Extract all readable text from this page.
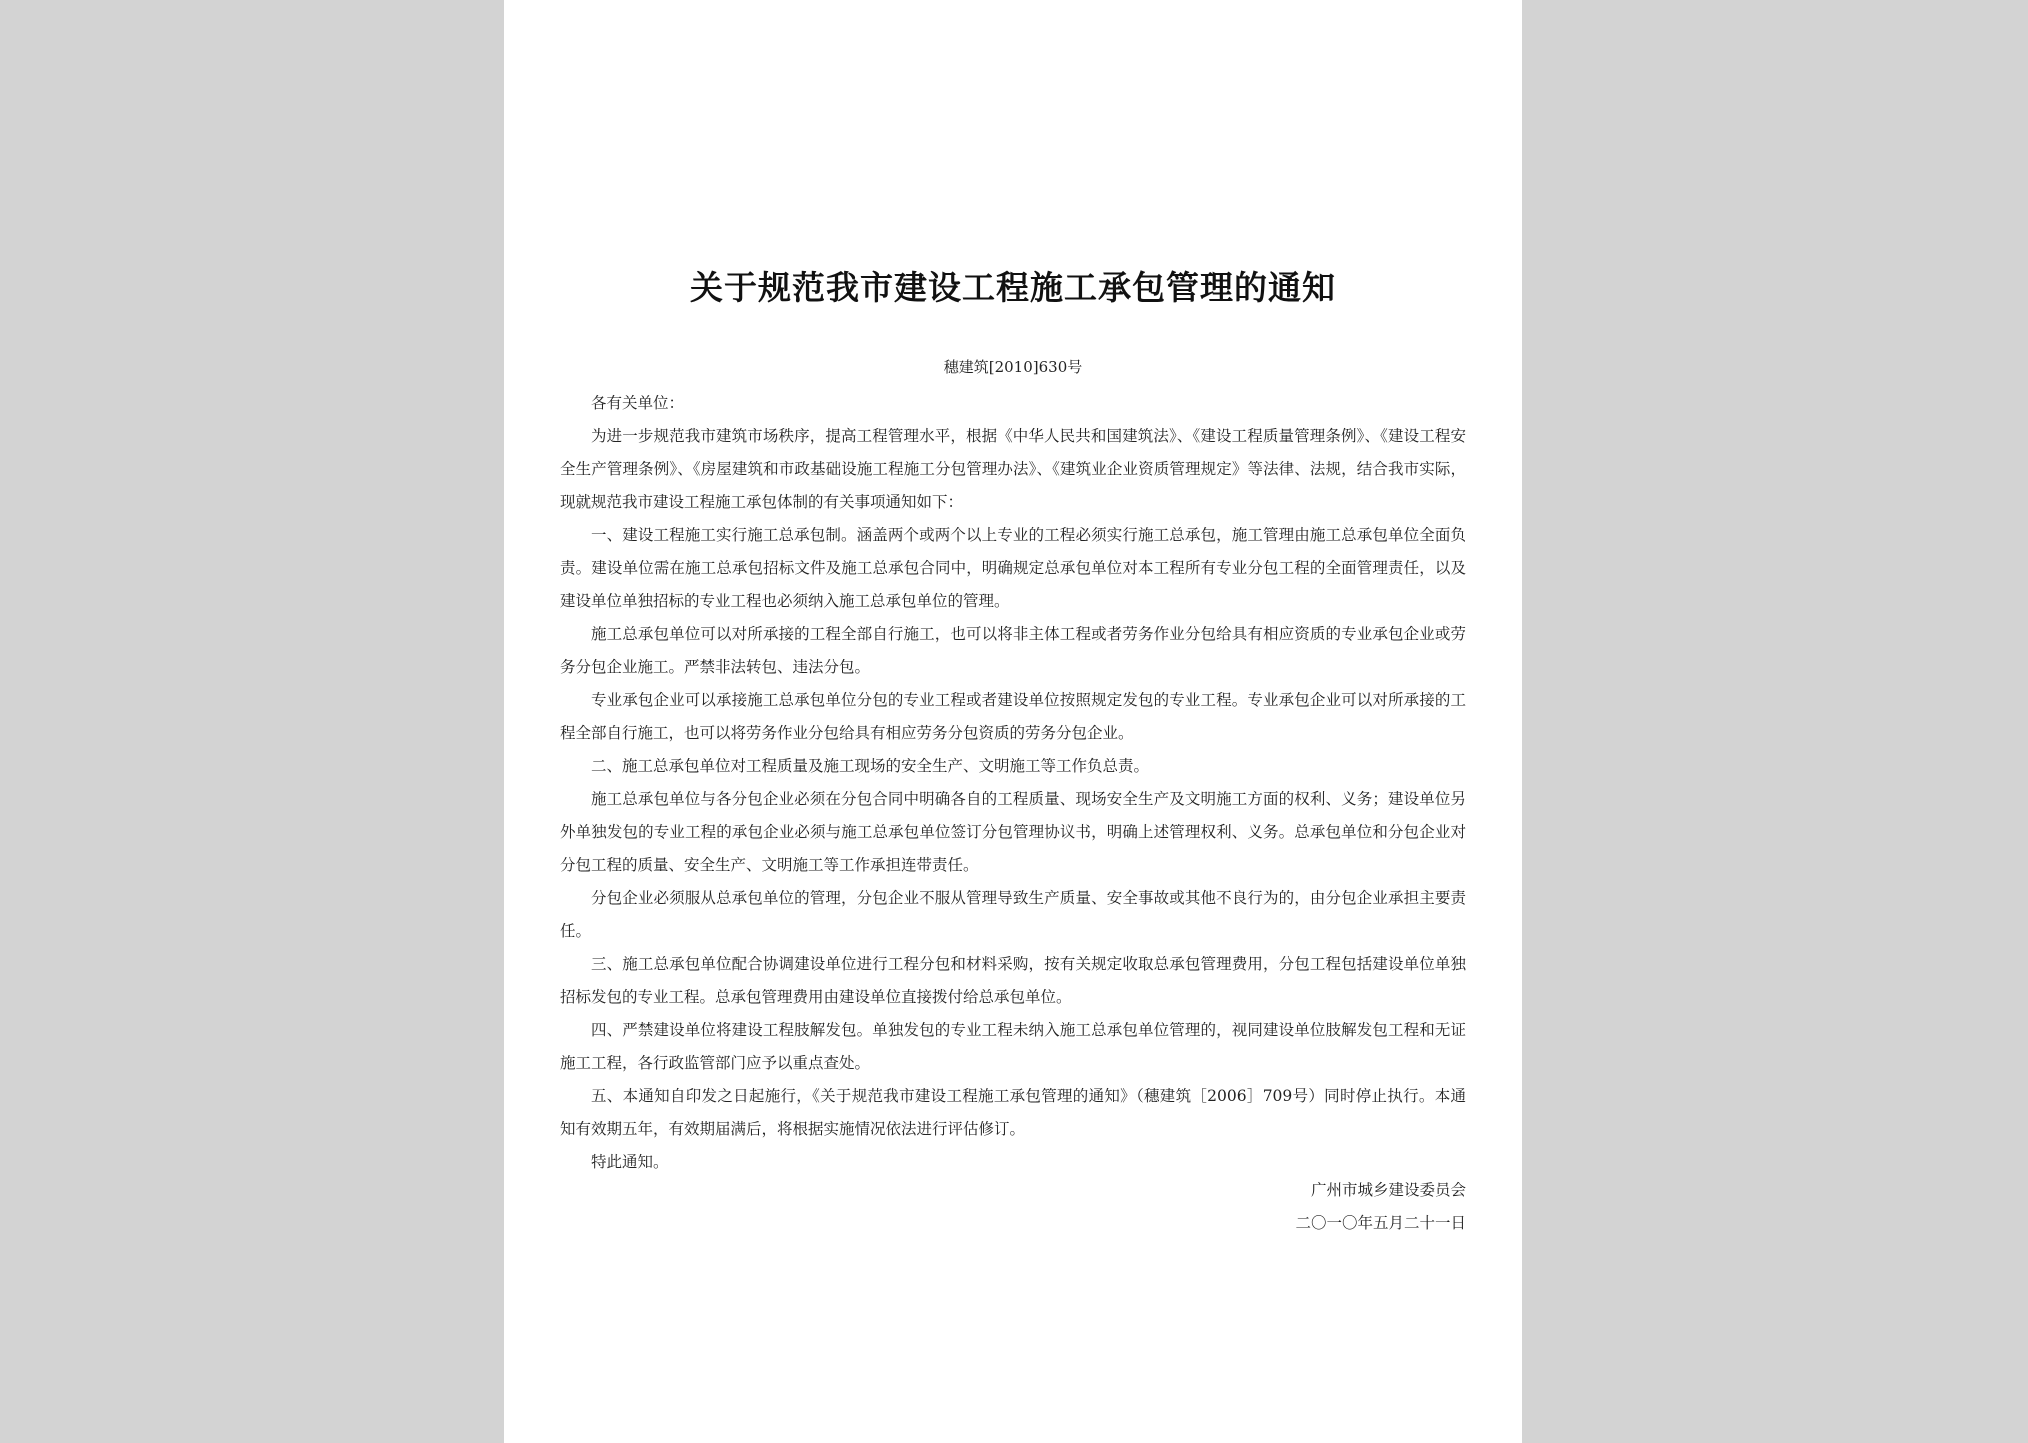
关于规范我市建设工程施工承包管理的通知
穗建筑[2010]630号

各有关单位：

为进一步规范我市建筑市场秩序，提高工程管理水平，根据《中华人民共和国建筑法》、《建设工程质量管理条例》、《建设工程安全生产管理条例》、《房屋建筑和市政基础设施工程施工分包管理办法》、《建筑业企业资质管理规定》等法律、法规，结合我市实际，现就规范我市建设工程施工承包体制的有关事项通知如下：

一、建设工程施工实行施工总承包制。涵盖两个或两个以上专业的工程必须实行施工总承包，施工管理由施工总承包单位全面负责。建设单位需在施工总承包招标文件及施工总承包合同中，明确规定总承包单位对本工程所有专业分包工程的全面管理责任，以及建设单位单独招标的专业工程也必须纳入施工总承包单位的管理。

施工总承包单位可以对所承接的工程全部自行施工，也可以将非主体工程或者劳务作业分包给具有相应资质的专业承包企业或劳务分包企业施工。严禁非法转包、违法分包。

专业承包企业可以承接施工总承包单位分包的专业工程或者建设单位按照规定发包的专业工程。专业承包企业可以对所承接的工程全部自行施工，也可以将劳务作业分包给具有相应劳务分包资质的劳务分包企业。

二、施工总承包单位对工程质量及施工现场的安全生产、文明施工等工作负总责。

施工总承包单位与各分包企业必须在分包合同中明确各自的工程质量、现场安全生产及文明施工方面的权利、义务；建设单位另外单独发包的专业工程的承包企业必须与施工总承包单位签订分包管理协议书，明确上述管理权利、义务。总承包单位和分包企业对分包工程的质量、安全生产、文明施工等工作承担连带责任。

分包企业必须服从总承包单位的管理，分包企业不服从管理导致生产质量、安全事故或其他不良行为的，由分包企业承担主要责任。

三、施工总承包单位配合协调建设单位进行工程分包和材料采购，按有关规定收取总承包管理费用，分包工程包括建设单位单独招标发包的专业工程。总承包管理费用由建设单位直接拨付给总承包单位。

四、严禁建设单位将建设工程肢解发包。单独发包的专业工程未纳入施工总承包单位管理的，视同建设单位肢解发包工程和无证施工工程，各行政监管部门应予以重点查处。

五、本通知自印发之日起施行，《关于规范我市建设工程施工承包管理的通知》（穗建筑［2006］709号）同时停止执行。本通知有效期五年，有效期届满后，将根据实施情况依法进行评估修订。

特此通知。

广州市城乡建设委员会
二〇一〇年五月二十一日
